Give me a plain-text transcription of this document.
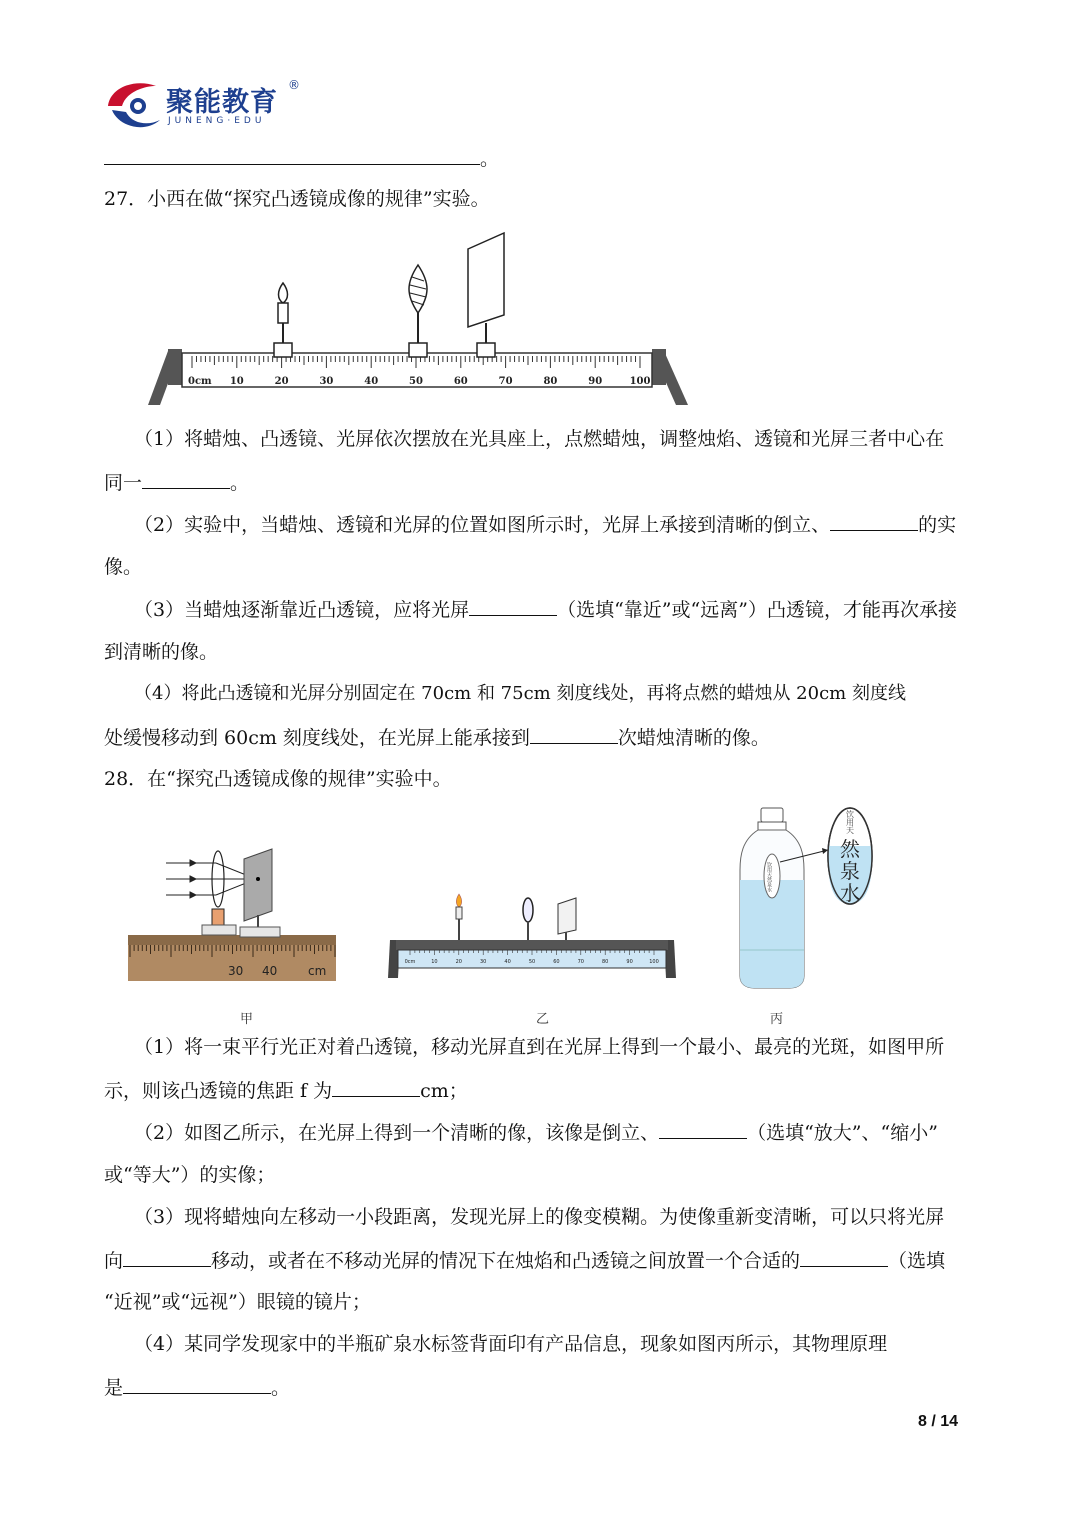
聚能教育
®
JUNENG·EDU
。
27．小西在做“探究凸透镜成像的规律”实验。
0cm 10	20	30	40	50	60	70	80	90	100
（1）将蜡烛、凸透镜、光屏依次摆放在光具座上，点燃蜡烛，调整烛焰、透镜和光屏三者中心在
同一	。
（2）实验中，当蜡烛、透镜和光屏的位置如图所示时，光屏上承接到清晰的倒立、	的实
像。
（3）当蜡烛逐渐靠近凸透镜，应将光屏	（选填“靠近”或“远离”）凸透镜，才能再次承接
到清晰的像。
（4）将此凸透镜和光屏分别固定在 70cm 和 75cm 刻度线处，再将点燃的蜡烛从 20cm 刻度线
处缓慢移动到 60cm 刻度线处，在光屏上能承接到	次蜡烛清晰的像。
28．在“探究凸透镜成像的规律”实验中。
30 40	cm
0cm	10	20	30	40	50	60	70	80	90	100
饮用天然泉水
饮用天
然
泉
水
甲	乙	丙
（1）将一束平行光正对着凸透镜，移动光屏直到在光屏上得到一个最小、最亮的光斑，如图甲所
示，则该凸透镜的焦距 f 为	cm；
（2）如图乙所示，在光屏上得到一个清晰的像，该像是倒立、	（选填“放大”、“缩小”
或“等大”）的实像；
（3）现将蜡烛向左移动一小段距离，发现光屏上的像变模糊。为使像重新变清晰，可以只将光屏
向	移动，或者在不移动光屏的情况下在烛焰和凸透镜之间放置一个合适的	（选填
“近视”或“远视”）眼镜的镜片；
（4）某同学发现家中的半瓶矿泉水标签背面印有产品信息，现象如图丙所示，其物理原理
是	。
8 / 14
